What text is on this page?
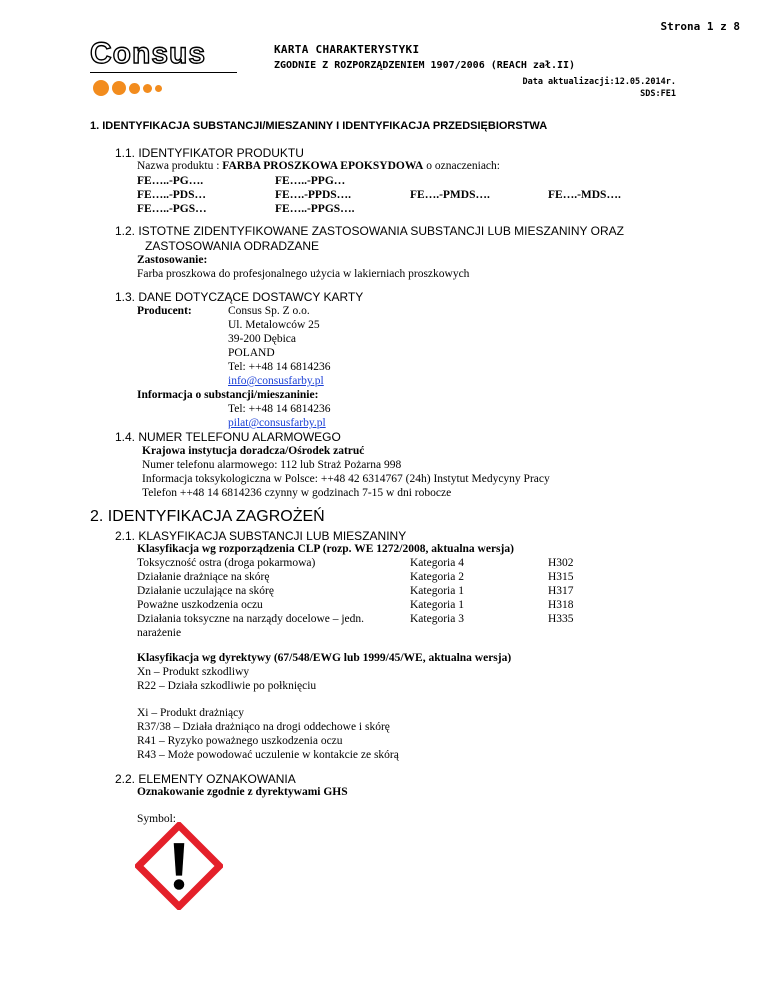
Strona 1 z 8
Consus	KARTA CHARAKTERYSTYKI
ZGODNIE Z ROZPORZĄDZENIEM 1907/2006 (REACH zał.II)
Data aktualizacji:12.05.2014r.
SDS:FE1
1. IDENTYFIKACJA SUBSTANCJI/MIESZANINY I IDENTYFIKACJA PRZEDSIĘBIORSTWA
1.1. IDENTYFIKATOR PRODUKTU
Nazwa produktu : FARBA PROSZKOWA EPOKSYDOWA o oznaczeniach:
FE…..-PG….	FE…..-PPG…
FE…..-PDS…	FE….-PPDS….	FE….-PMDS….	FE….-MDS….
FE…..-PGS…	FE…..-PPGS….
1.2. ISTOTNE ZIDENTYFIKOWANE ZASTOSOWANIA SUBSTANCJI LUB MIESZANINY ORAZ
ZASTOSOWANIA ODRADZANE
Zastosowanie:
Farba proszkowa do profesjonalnego użycia w lakierniach proszkowych
1.3. DANE DOTYCZĄCE DOSTAWCY KARTY
Producent:	Consus Sp. Z o.o.
Ul. Metalowców 25
39-200 Dębica
POLAND
Tel: ++48 14 6814236
info@consusfarby.pl
Informacja o substancji/mieszaninie:
Tel: ++48 14 6814236
pilat@consusfarby.pl
1.4. NUMER TELEFONU ALARMOWEGO
Krajowa instytucja doradcza/Ośrodek zatruć
Numer telefonu alarmowego: 112 lub Straż Pożarna 998
Informacja toksykologiczna w Polsce: ++48 42 6314767 (24h) Instytut Medycyny Pracy
Telefon ++48 14 6814236 czynny w godzinach 7-15 w dni robocze
2. IDENTYFIKACJA ZAGROŻEŃ
2.1. KLASYFIKACJA SUBSTANCJI LUB MIESZANINY
Klasyfikacja wg rozporządzenia CLP (rozp. WE 1272/2008, aktualna wersja)
Toksyczność ostra (droga pokarmowa)	Kategoria 4	H302
Działanie drażniące na skórę	Kategoria 2	H315
Działanie uczulające na skórę	Kategoria 1	H317
Poważne uszkodzenia oczu	Kategoria 1	H318
Działania toksyczne na narządy docelowe – jedn.	Kategoria 3	H335
narażenie
Klasyfikacja wg dyrektywy (67/548/EWG lub 1999/45/WE, aktualna wersja)
Xn – Produkt szkodliwy
R22 – Działa szkodliwie po połknięciu
Xi – Produkt drażniący
R37/38 – Działa drażniąco na drogi oddechowe i skórę
R41 – Ryzyko poważnego uszkodzenia oczu
R43 – Może powodować uczulenie w kontakcie ze skórą
2.2. ELEMENTY OZNAKOWANIA
Oznakowanie zgodnie z dyrektywami GHS
Symbol:
